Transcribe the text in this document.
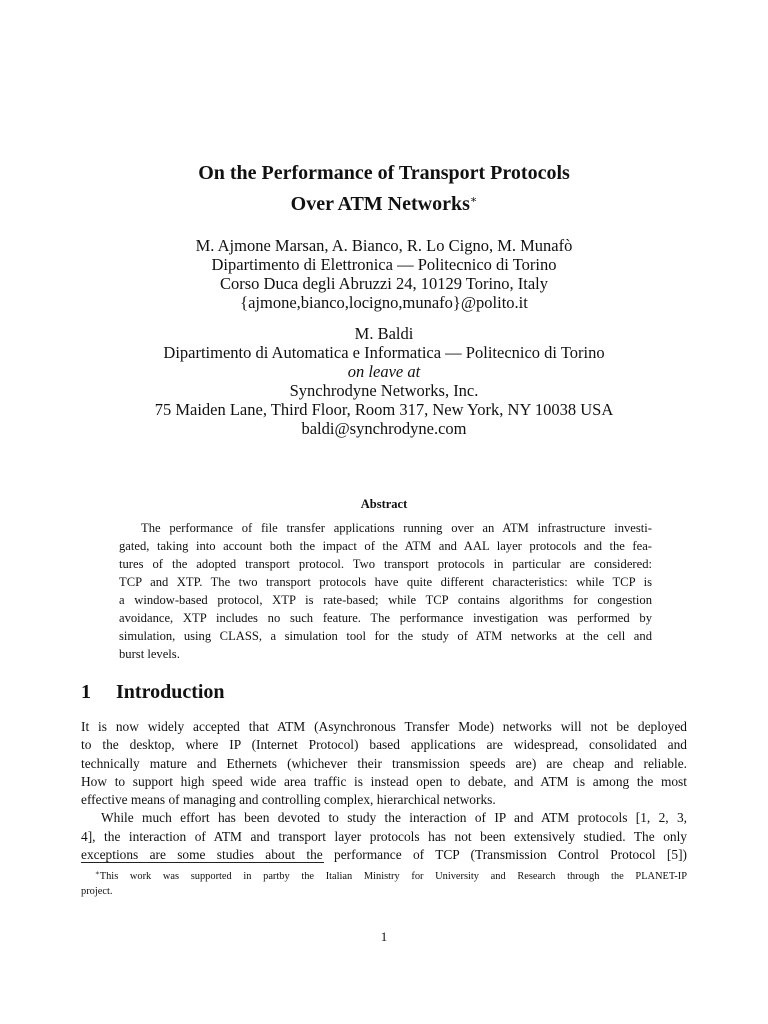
On the Performance of Transport Protocols
Over ATM Networks∗
M. Ajmone Marsan, A. Bianco, R. Lo Cigno, M. Munafò
Dipartimento di Elettronica — Politecnico di Torino
Corso Duca degli Abruzzi 24, 10129 Torino, Italy
{ajmone,bianco,locigno,munafo}@polito.it
M. Baldi
Dipartimento di Automatica e Informatica — Politecnico di Torino
on leave at
Synchrodyne Networks, Inc.
75 Maiden Lane, Third Floor, Room 317, New York, NY 10038 USA
baldi@synchrodyne.com
Abstract
The performance of file transfer applications running over an ATM infrastructure investi-
gated, taking into account both the impact of the ATM and AAL layer protocols and the fea-
tures of the adopted transport protocol. Two transport protocols in particular are considered:
TCP and XTP. The two transport protocols have quite different characteristics: while TCP is
a window-based protocol, XTP is rate-based; while TCP contains algorithms for congestion
avoidance, XTP includes no such feature. The performance investigation was performed by
simulation, using CLASS, a simulation tool for the study of ATM networks at the cell and
burst levels.
1 Introduction
It is now widely accepted that ATM (Asynchronous Transfer Mode) networks will not be deployed
to the desktop, where IP (Internet Protocol) based applications are widespread, consolidated and
technically mature and Ethernets (whichever their transmission speeds are) are cheap and reliable.
How to support high speed wide area traffic is instead open to debate, and ATM is among the most
effective means of managing and controlling complex, hierarchical networks.
While much effort has been devoted to study the interaction of IP and ATM protocols [1, 2, 3,
4], the interaction of ATM and transport layer protocols has not been extensively studied. The only
exceptions are some studies about the performance of TCP (Transmission Control Protocol [5])
∗This work was supported in partby the Italian Ministry for University and Research through the PLANET-IP
project.
1
